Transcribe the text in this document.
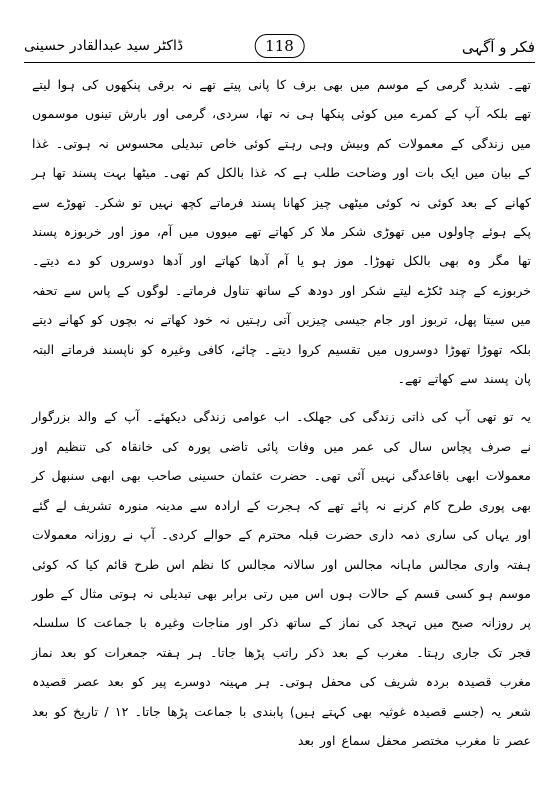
فکر و آگہی
118
ڈاکٹر سید عبدالقادر حسینی

تھے۔ شدید گرمی کے موسم میں بھی برف کا پانی پیتے تھے نہ برقی پنکھوں کی ہوا لیتے تھے بلکہ آپ کے کمرے میں کوئی پنکھا ہی نہ تھا، سردی، گرمی اور بارش تینوں موسموں میں زندگی کے معمولات کم وبیش وہی رہتے کوئی خاص تبدیلی محسوس نہ ہوتی۔ غذا کے بیان میں ایک بات اور وضاحت طلب ہے کہ غذا بالکل کم تھی۔ میٹھا بہت پسند تھا ہر کھانے کے بعد کوئی نہ کوئی میٹھی چیز کھانا پسند فرماتے کچھ نہیں تو شکر۔ تھوڑے سے پکے ہوئے چاولوں میں تھوڑی شکر ملا کر کھاتے تھے میووں میں آم، موز اور خربوزہ پسند تھا مگر وہ بھی بالکل تھوڑا۔ موز ہو یا آم آدھا کھاتے اور آدھا دوسروں کو دے دیتے۔ خربوزے کے چند ٹکڑے لیتے شکر اور دودھ کے ساتھ تناول فرماتے۔ لوگوں کے پاس سے تحفہ میں سیتا پھل، تربوز اور جام جیسی چیزیں آتی رہتیں نہ خود کھاتے نہ بچوں کو کھانے دیتے بلکہ تھوڑا تھوڑا دوسروں میں تقسیم کروا دیتے۔ چائے، کافی وغیرہ کو ناپسند فرماتے البتہ پان پسند سے کھاتے تھے۔

یہ تو تھی آپ کی ذاتی زندگی کی جھلک۔ اب عوامی زندگی دیکھئے۔ آپ کے والد بزرگوار نے صرف پچاس سال کی عمر میں وفات پائی تاضی پورہ کی خانقاہ کی تنظیم اور معمولات ابھی باقاعدگی نہیں آئی تھی۔ حضرت عثمان حسینی صاحب بھی ابھی سنبھل کر بھی پوری طرح کام کرنے نہ پائے تھے کہ ہجرت کے ارادہ سے مدینہ منورہ تشریف لے گئے اور یہاں کی ساری ذمہ داری حضرت قبلہ محترم کے حوالے کردی۔ آپ نے روزانہ معمولات ہفتہ واری مجالس ماہانہ مجالس اور سالانہ مجالس کا نظم اس طرح قائم کیا کہ کوئی موسم ہو کسی قسم کے حالات ہوں اس میں رتی برابر بھی تبدیلی نہ ہوتی مثال کے طور پر روزانہ صبح میں تہجد کی نماز کے ساتھ ذکر اور مناجات وغیرہ با جماعت کا سلسلہ فجر تک جاری رہتا۔ مغرب کے بعد ذکر راتب پڑھا جاتا۔ ہر ہفتہ جمعرات کو بعد نماز مغرب قصیدہ بردہ شریف کی محفل ہوتی۔ ہر مہینہ دوسرے پیر کو بعد عصر قصیدہ شعر یہ (جسے قصیدہ غوثیہ بھی کہتے ہیں) پابندی با جماعت پڑھا جاتا۔ ۱۲ / تاریخ کو بعد عصر تا مغرب مختصر محفل سماع اور بعد
